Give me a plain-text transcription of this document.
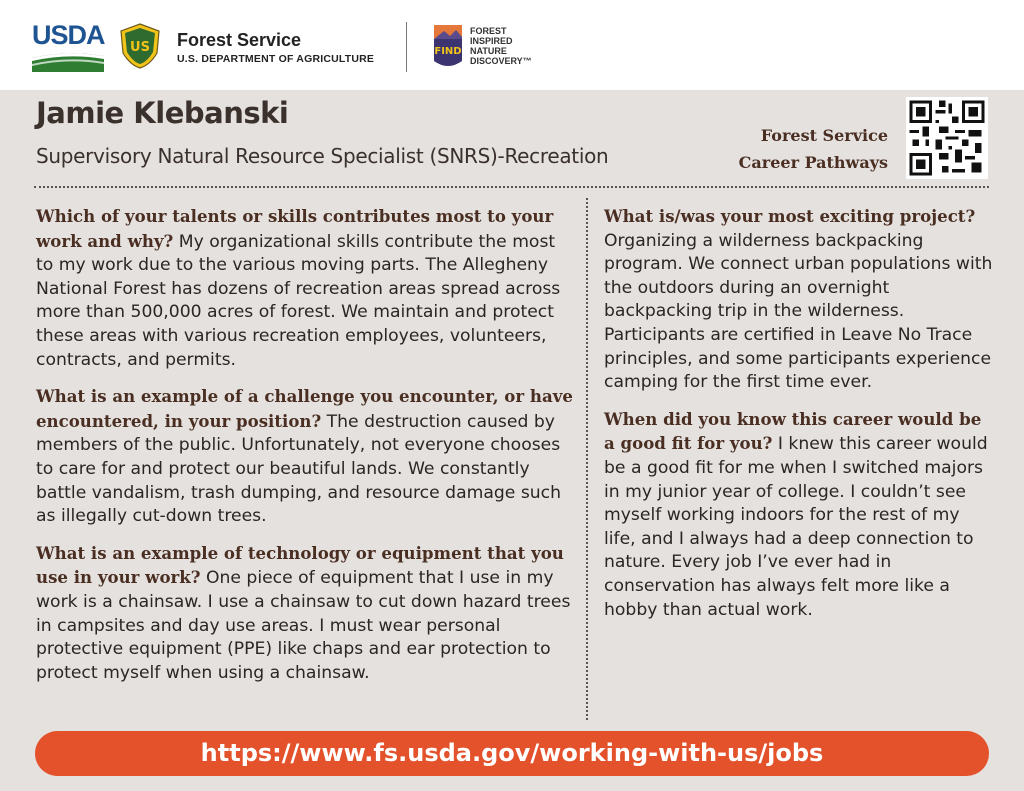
USDA US Forest Service
U.S. DEPARTMENT OF AGRICULTURE
FIND
FOREST
INSPIRED
NATURE
DISCOVERY™
Jamie Klebanski
Supervisory Natural Resource Specialist (SNRS)-Recreation
Forest Service
Career Pathways

Which of your talents or skills contributes most to your work and why? My organizational skills contribute the most to my work due to the various moving parts. The Allegheny National Forest has dozens of recreation areas spread across more than 500,000 acres of forest. We maintain and protect these areas with various recreation employees, volunteers, contracts, and permits.

What is an example of a challenge you encounter, or have encountered, in your position? The destruction caused by members of the public. Unfortunately, not everyone chooses to care for and protect our beautiful lands. We constantly battle vandalism, trash dumping, and resource damage such as illegally cut-down trees.

What is an example of technology or equipment that you use in your work? One piece of equipment that I use in my work is a chainsaw. I use a chainsaw to cut down hazard trees in campsites and day use areas. I must wear personal protective equipment (PPE) like chaps and ear protection to protect myself when using a chainsaw.

What is/was your most exciting project? Organizing a wilderness backpacking program. We connect urban populations with the outdoors during an overnight backpacking trip in the wilderness. Participants are certified in Leave No Trace principles, and some participants experience camping for the first time ever.

When did you know this career would be a good fit for you? I knew this career would be a good fit for me when I switched majors in my junior year of college. I couldn’t see myself working indoors for the rest of my life, and I always had a deep connection to nature. Every job I’ve ever had in conservation has always felt more like a hobby than actual work.

https://www.fs.usda.gov/working-with-us/jobs
